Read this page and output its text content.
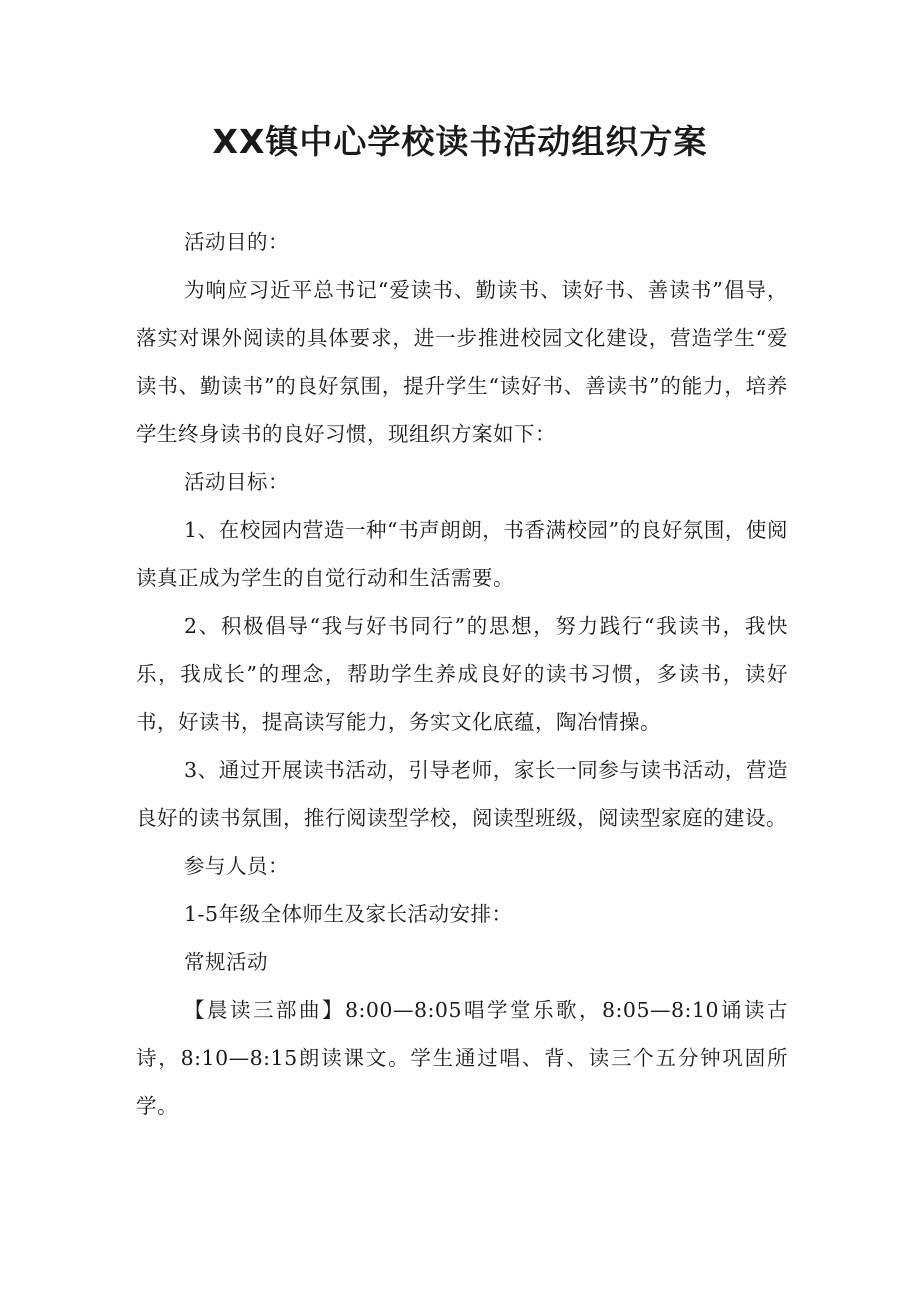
XX镇中心学校读书活动组织方案

活动目的：

为响应习近平总书记“爱读书、勤读书、读好书、善读书”倡导，落实对课外阅读的具体要求，进一步推进校园文化建设，营造学生“爱读书、勤读书”的良好氛围，提升学生“读好书、善读书”的能力，培养学生终身读书的良好习惯，现组织方案如下：

活动目标：

1、在校园内营造一种“书声朗朗，书香满校园”的良好氛围，使阅读真正成为学生的自觉行动和生活需要。

2、积极倡导“我与好书同行”的思想，努力践行“我读书，我快乐，我成长”的理念，帮助学生养成良好的读书习惯，多读书，读好书，好读书，提高读写能力，务实文化底蕴，陶冶情操。

3、通过开展读书活动，引导老师，家长一同参与读书活动，营造良好的读书氛围，推行阅读型学校，阅读型班级，阅读型家庭的建设。

参与人员：

1-5年级全体师生及家长活动安排：

常规活动

【晨读三部曲】8:00—8:05唱学堂乐歌，8:05—8:10诵读古诗，8:10—8:15朗读课文。学生通过唱、背、读三个五分钟巩固所学。
